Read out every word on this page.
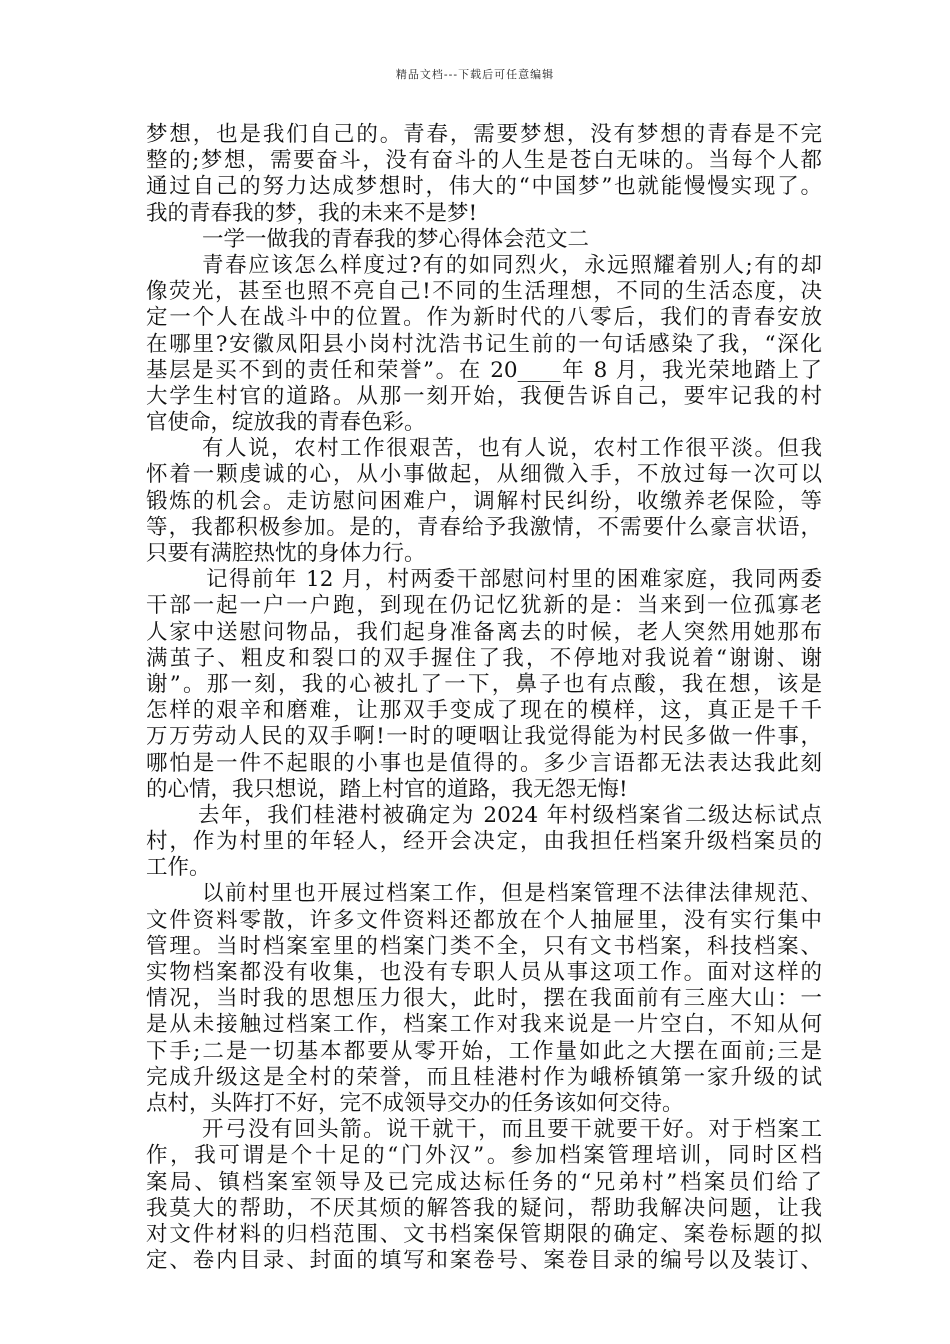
精品文档---下载后可任意编辑
梦想，也是我们自己的。青春，需要梦想，没有梦想的青春是不完
整的;梦想，需要奋斗，没有奋斗的人生是苍白无味的。当每个人都
通过自己的努力达成梦想时，伟大的“中国梦”也就能慢慢实现了。
我的青春我的梦，我的未来不是梦!
一学一做我的青春我的梦心得体会范文二
青春应该怎么样度过?有的如同烈火，永远照耀着别人;有的却
像荧光，甚至也照不亮自己!不同的生活理想，不同的生活态度，决
定一个人在战斗中的位置。作为新时代的八零后，我们的青春安放
在哪里?安徽凤阳县小岗村沈浩书记生前的一句话感染了我，“深化
基层是买不到的责任和荣誉”。在 20____年 8 月，我光荣地踏上了
大学生村官的道路。从那一刻开始，我便告诉自己，要牢记我的村
官使命，绽放我的青春色彩。
有人说，农村工作很艰苦，也有人说，农村工作很平淡。但我
怀着一颗虔诚的心，从小事做起，从细微入手，不放过每一次可以
锻炼的机会。走访慰问困难户，调解村民纠纷，收缴养老保险，等
等，我都积极参加。是的，青春给予我激情，不需要什么豪言状语，
只要有满腔热忱的身体力行。
记得前年 12 月，村两委干部慰问村里的困难家庭，我同两委
干部一起一户一户跑，到现在仍记忆犹新的是：当来到一位孤寡老
人家中送慰问物品，我们起身准备离去的时候，老人突然用她那布
满茧子、粗皮和裂口的双手握住了我，不停地对我说着“谢谢、谢
谢”。那一刻，我的心被扎了一下，鼻子也有点酸，我在想，该是
怎样的艰辛和磨难，让那双手变成了现在的模样，这，真正是千千
万万劳动人民的双手啊!一时的哽咽让我觉得能为村民多做一件事，
哪怕是一件不起眼的小事也是值得的。多少言语都无法表达我此刻
的心情，我只想说，踏上村官的道路，我无怨无悔!
去年，我们桂港村被确定为 2024 年村级档案省二级达标试点
村，作为村里的年轻人，经开会决定，由我担任档案升级档案员的
工作。
以前村里也开展过档案工作，但是档案管理不法律法律规范、
文件资料零散，许多文件资料还都放在个人抽屉里，没有实行集中
管理。当时档案室里的档案门类不全，只有文书档案，科技档案、
实物档案都没有收集，也没有专职人员从事这项工作。面对这样的
情况，当时我的思想压力很大，此时，摆在我面前有三座大山：一
是从未接触过档案工作，档案工作对我来说是一片空白，不知从何
下手;二是一切基本都要从零开始，工作量如此之大摆在面前;三是
完成升级这是全村的荣誉，而且桂港村作为峨桥镇第一家升级的试
点村，头阵打不好，完不成领导交办的任务该如何交待。
开弓没有回头箭。说干就干，而且要干就要干好。对于档案工
作，我可谓是个十足的“门外汉”。参加档案管理培训，同时区档
案局、镇档案室领导及已完成达标任务的“兄弟村”档案员们给了
我莫大的帮助，不厌其烦的解答我的疑问，帮助我解决问题，让我
对文件材料的归档范围、文书档案保管期限的确定、案卷标题的拟
定、卷内目录、封面的填写和案卷号、案卷目录的编号以及装订、
